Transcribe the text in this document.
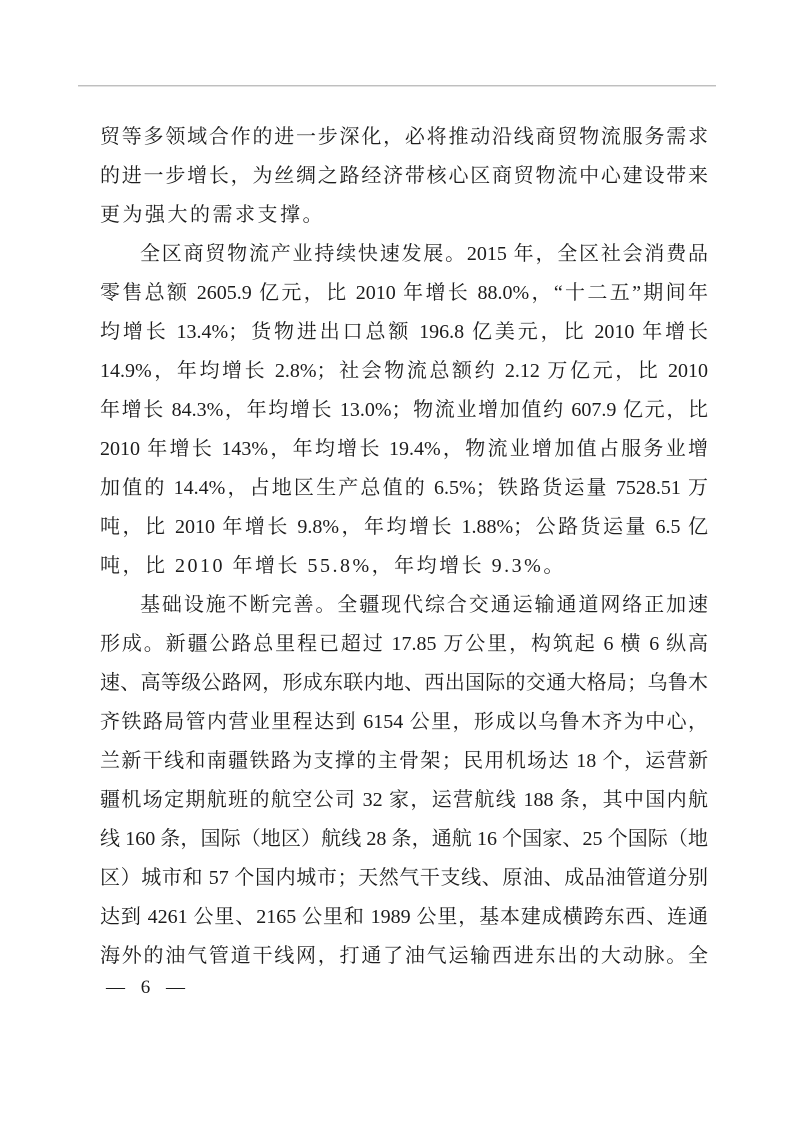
贸等多领域合作的进一步深化，必将推动沿线商贸物流服务需求
的进一步增长，为丝绸之路经济带核心区商贸物流中心建设带来
更为强大的需求支撑。
全区商贸物流产业持续快速发展。2015 年，全区社会消费品
零售总额 2605.9 亿元，比 2010 年增长 88.0%，“十二五”期间年
均增长 13.4%；货物进出口总额 196.8 亿美元，比 2010 年增长
14.9%，年均增长 2.8%；社会物流总额约 2.12 万亿元，比 2010
年增长 84.3%，年均增长 13.0%；物流业增加值约 607.9 亿元，比
2010 年增长 143%，年均增长 19.4%，物流业增加值占服务业增
加值的 14.4%，占地区生产总值的 6.5%；铁路货运量 7528.51 万
吨，比 2010 年增长 9.8%，年均增长 1.88%；公路货运量 6.5 亿
吨，比 2010 年增长 55.8%，年均增长 9.3%。
基础设施不断完善。全疆现代综合交通运输通道网络正加速
形成。新疆公路总里程已超过 17.85 万公里，构筑起 6 横 6 纵高
速、高等级公路网，形成东联内地、西出国际的交通大格局；乌鲁木
齐铁路局管内营业里程达到 6154 公里，形成以乌鲁木齐为中心，
兰新干线和南疆铁路为支撑的主骨架；民用机场达 18 个，运营新
疆机场定期航班的航空公司 32 家，运营航线 188 条，其中国内航
线 160 条，国际（地区）航线 28 条，通航 16 个国家、25 个国际（地
区）城市和 57 个国内城市；天然气干支线、原油、成品油管道分别
达到 4261 公里、2165 公里和 1989 公里，基本建成横跨东西、连通
海外的油气管道干线网，打通了油气运输西进东出的大动脉。全
— 6 —
